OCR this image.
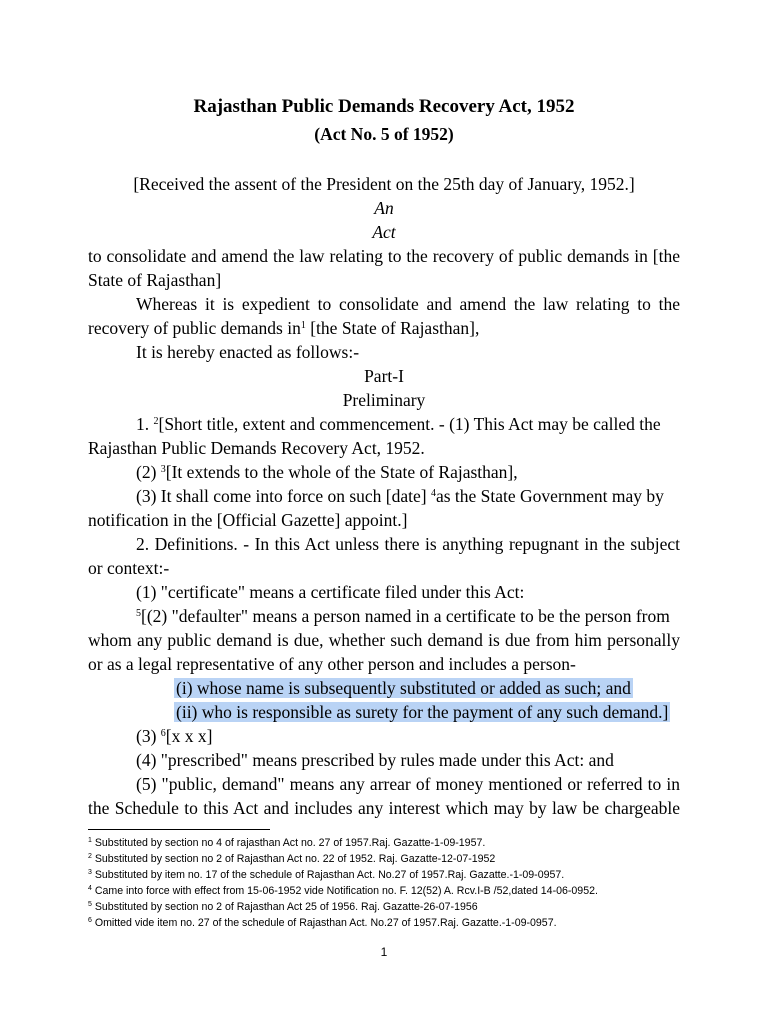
Rajasthan Public Demands Recovery Act, 1952
(Act No. 5 of 1952)
[Received the assent of the President on the 25th day of January, 1952.]
An
Act
to consolidate and amend the law relating to the recovery of public demands in [the
State of Rajasthan]
Whereas it is expedient to consolidate and amend the law relating to the
recovery of public demands $in^1$ [the State of Rajasthan],
It is hereby enacted as follows:-
Part-I
Preliminary
1. $^2$[Short title, extent and commencement. - (1) This Act may be called the
Rajasthan Public Demands Recovery Act, 1952.
(2) $^3$[It extends to the whole of the State of Rajasthan],
(3) It shall come into force on such [date] $^4$as the State Government may by
notification in the [Official Gazette] appoint.]
2. Definitions. - In this Act unless there is anything repugnant in the subject
or context:-
(1) "certificate" means a certificate filed under this Act:
$^5$[(2) "defaulter" means a person named in a certificate to be the person from
whom any public demand is due, whether such demand is due from him personally
or as a legal representative of any other person and includes a person-
(i) whose name is subsequently substituted or added as such; and
(ii) who is responsible as surety for the payment of any such demand.]
(3) $^6$[x x x]
(4) "prescribed" means prescribed by rules made under this Act: and
(5) "public, demand" means any arrear of money mentioned or referred to in
the Schedule to this Act and includes any interest which may by law be chargeable
$^1$ Substituted by section no 4 of rajasthan Act no. 27 of 1957.Raj. Gazatte-1-09-1957.
$^2$ Substituted by section no 2 of Rajasthan Act no. 22 of 1952. Raj. Gazatte-12-07-1952
$^3$ Substituted by item no. 17 of the schedule of Rajasthan Act. No.27 of 1957.Raj. Gazatte.-1-09-0957.
$^4$ Came into force with effect from 15-06-1952 vide Notification no. F. 12(52) A. Rcv.I-B /52,dated 14-06-0952.
$^5$ Substituted by section no 2 of Rajasthan Act 25 of 1956. Raj. Gazatte-26-07-1956
$^6$ Omitted vide item no. 27 of the schedule of Rajasthan Act. No.27 of 1957.Raj. Gazatte.-1-09-0957.
1
